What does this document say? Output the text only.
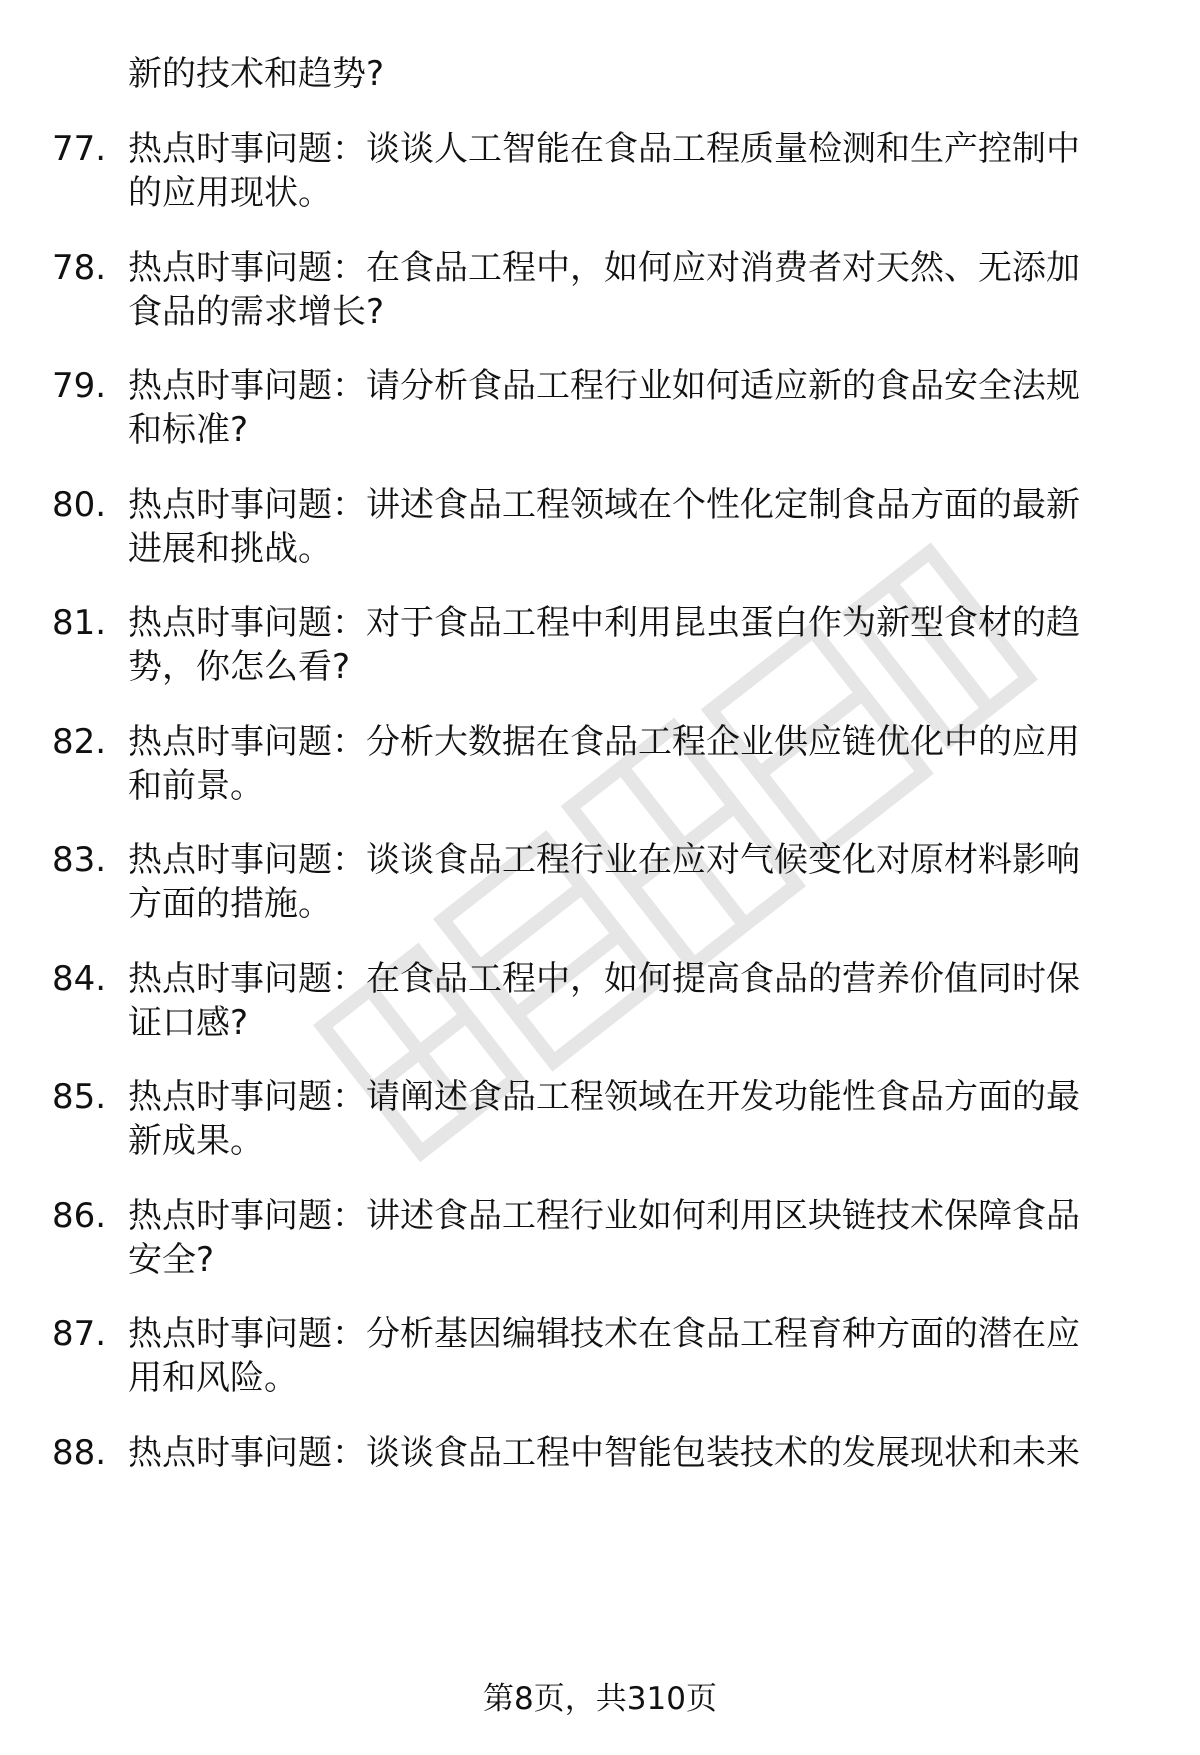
新的技术和趋势?
77. 热点时事问题：谈谈人工智能在食品工程质量检测和生产控制中
的应用现状。
78. 热点时事问题：在食品工程中，如何应对消费者对天然、无添加
食品的需求增长?
79. 热点时事问题：请分析食品工程行业如何适应新的食品安全法规
和标准?
80. 热点时事问题：讲述食品工程领域在个性化定制食品方面的最新
进展和挑战。
81. 热点时事问题：对于食品工程中利用昆虫蛋白作为新型食材的趋
势，你怎么看?
82. 热点时事问题：分析大数据在食品工程企业供应链优化中的应用
和前景。
83. 热点时事问题：谈谈食品工程行业在应对气候变化对原材料影响
方面的措施。
84. 热点时事问题：在食品工程中，如何提高食品的营养价值同时保
证口感?
85. 热点时事问题：请阐述食品工程领域在开发功能性食品方面的最
新成果。
86. 热点时事问题：讲述食品工程行业如何利用区块链技术保障食品
安全?
87. 热点时事问题：分析基因编辑技术在食品工程育种方面的潜在应
用和风险。
88. 热点时事问题：谈谈食品工程中智能包装技术的发展现状和未来
第8页，共310页
